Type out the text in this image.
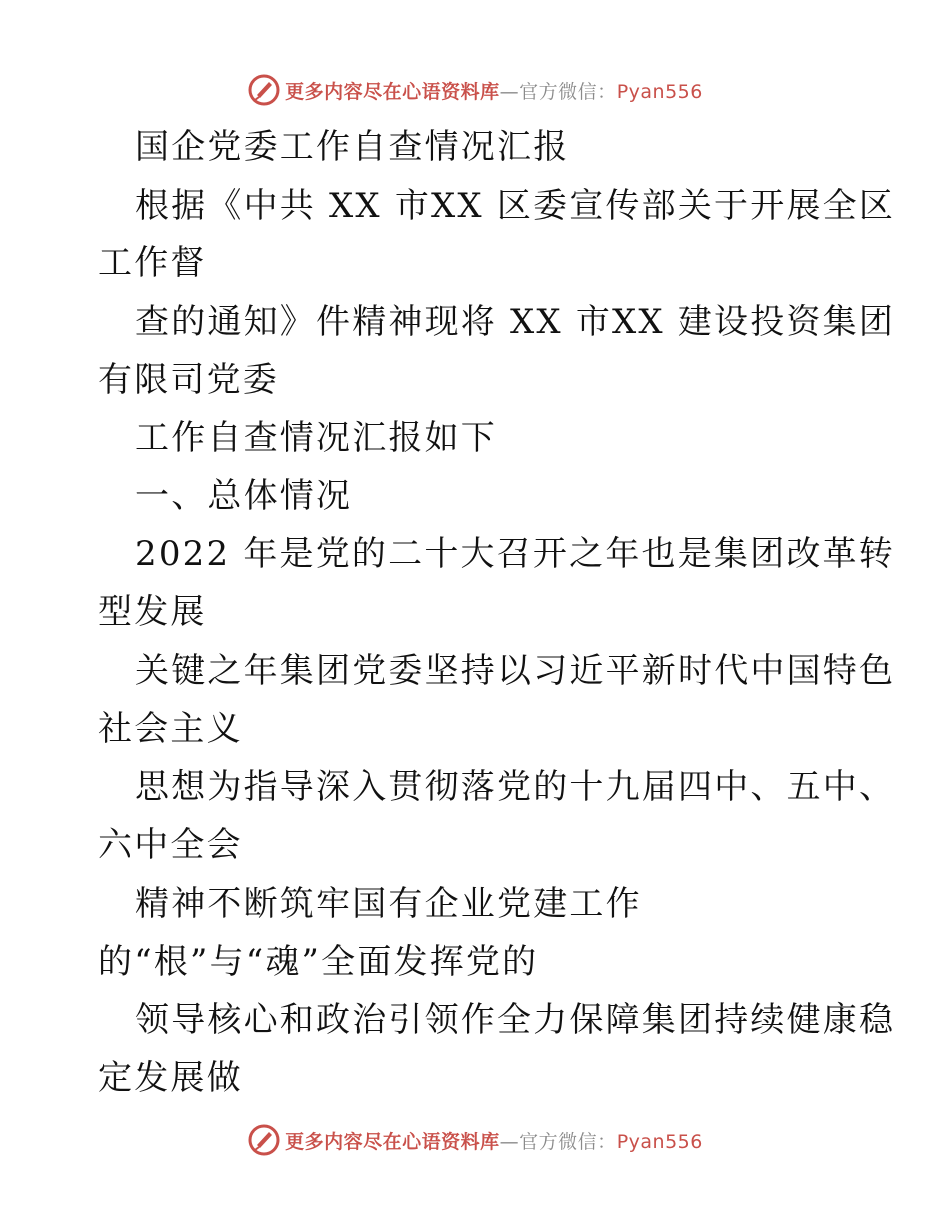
更多内容尽在心语资料库—官方微信：Pyan556
国企党委工作自查情况汇报
根据《中共 XX 市XX 区委宣传部关于开展全区
工作督
查的通知》件精神现将 XX 市XX 建设投资集团
有限司党委
工作自查情况汇报如下
一、总体情况
2022 年是党的二十大召开之年也是集团改革转
型发展
关键之年集团党委坚持以习近平新时代中国特色
社会主义
思想为指导深入贯彻落党的十九届四中、五中、
六中全会
精神不断筑牢国有企业党建工作
的“根”与“魂”全面发挥党的
领导核心和政治引领作全力保障集团持续健康稳
定发展做
更多内容尽在心语资料库—官方微信：Pyan556
